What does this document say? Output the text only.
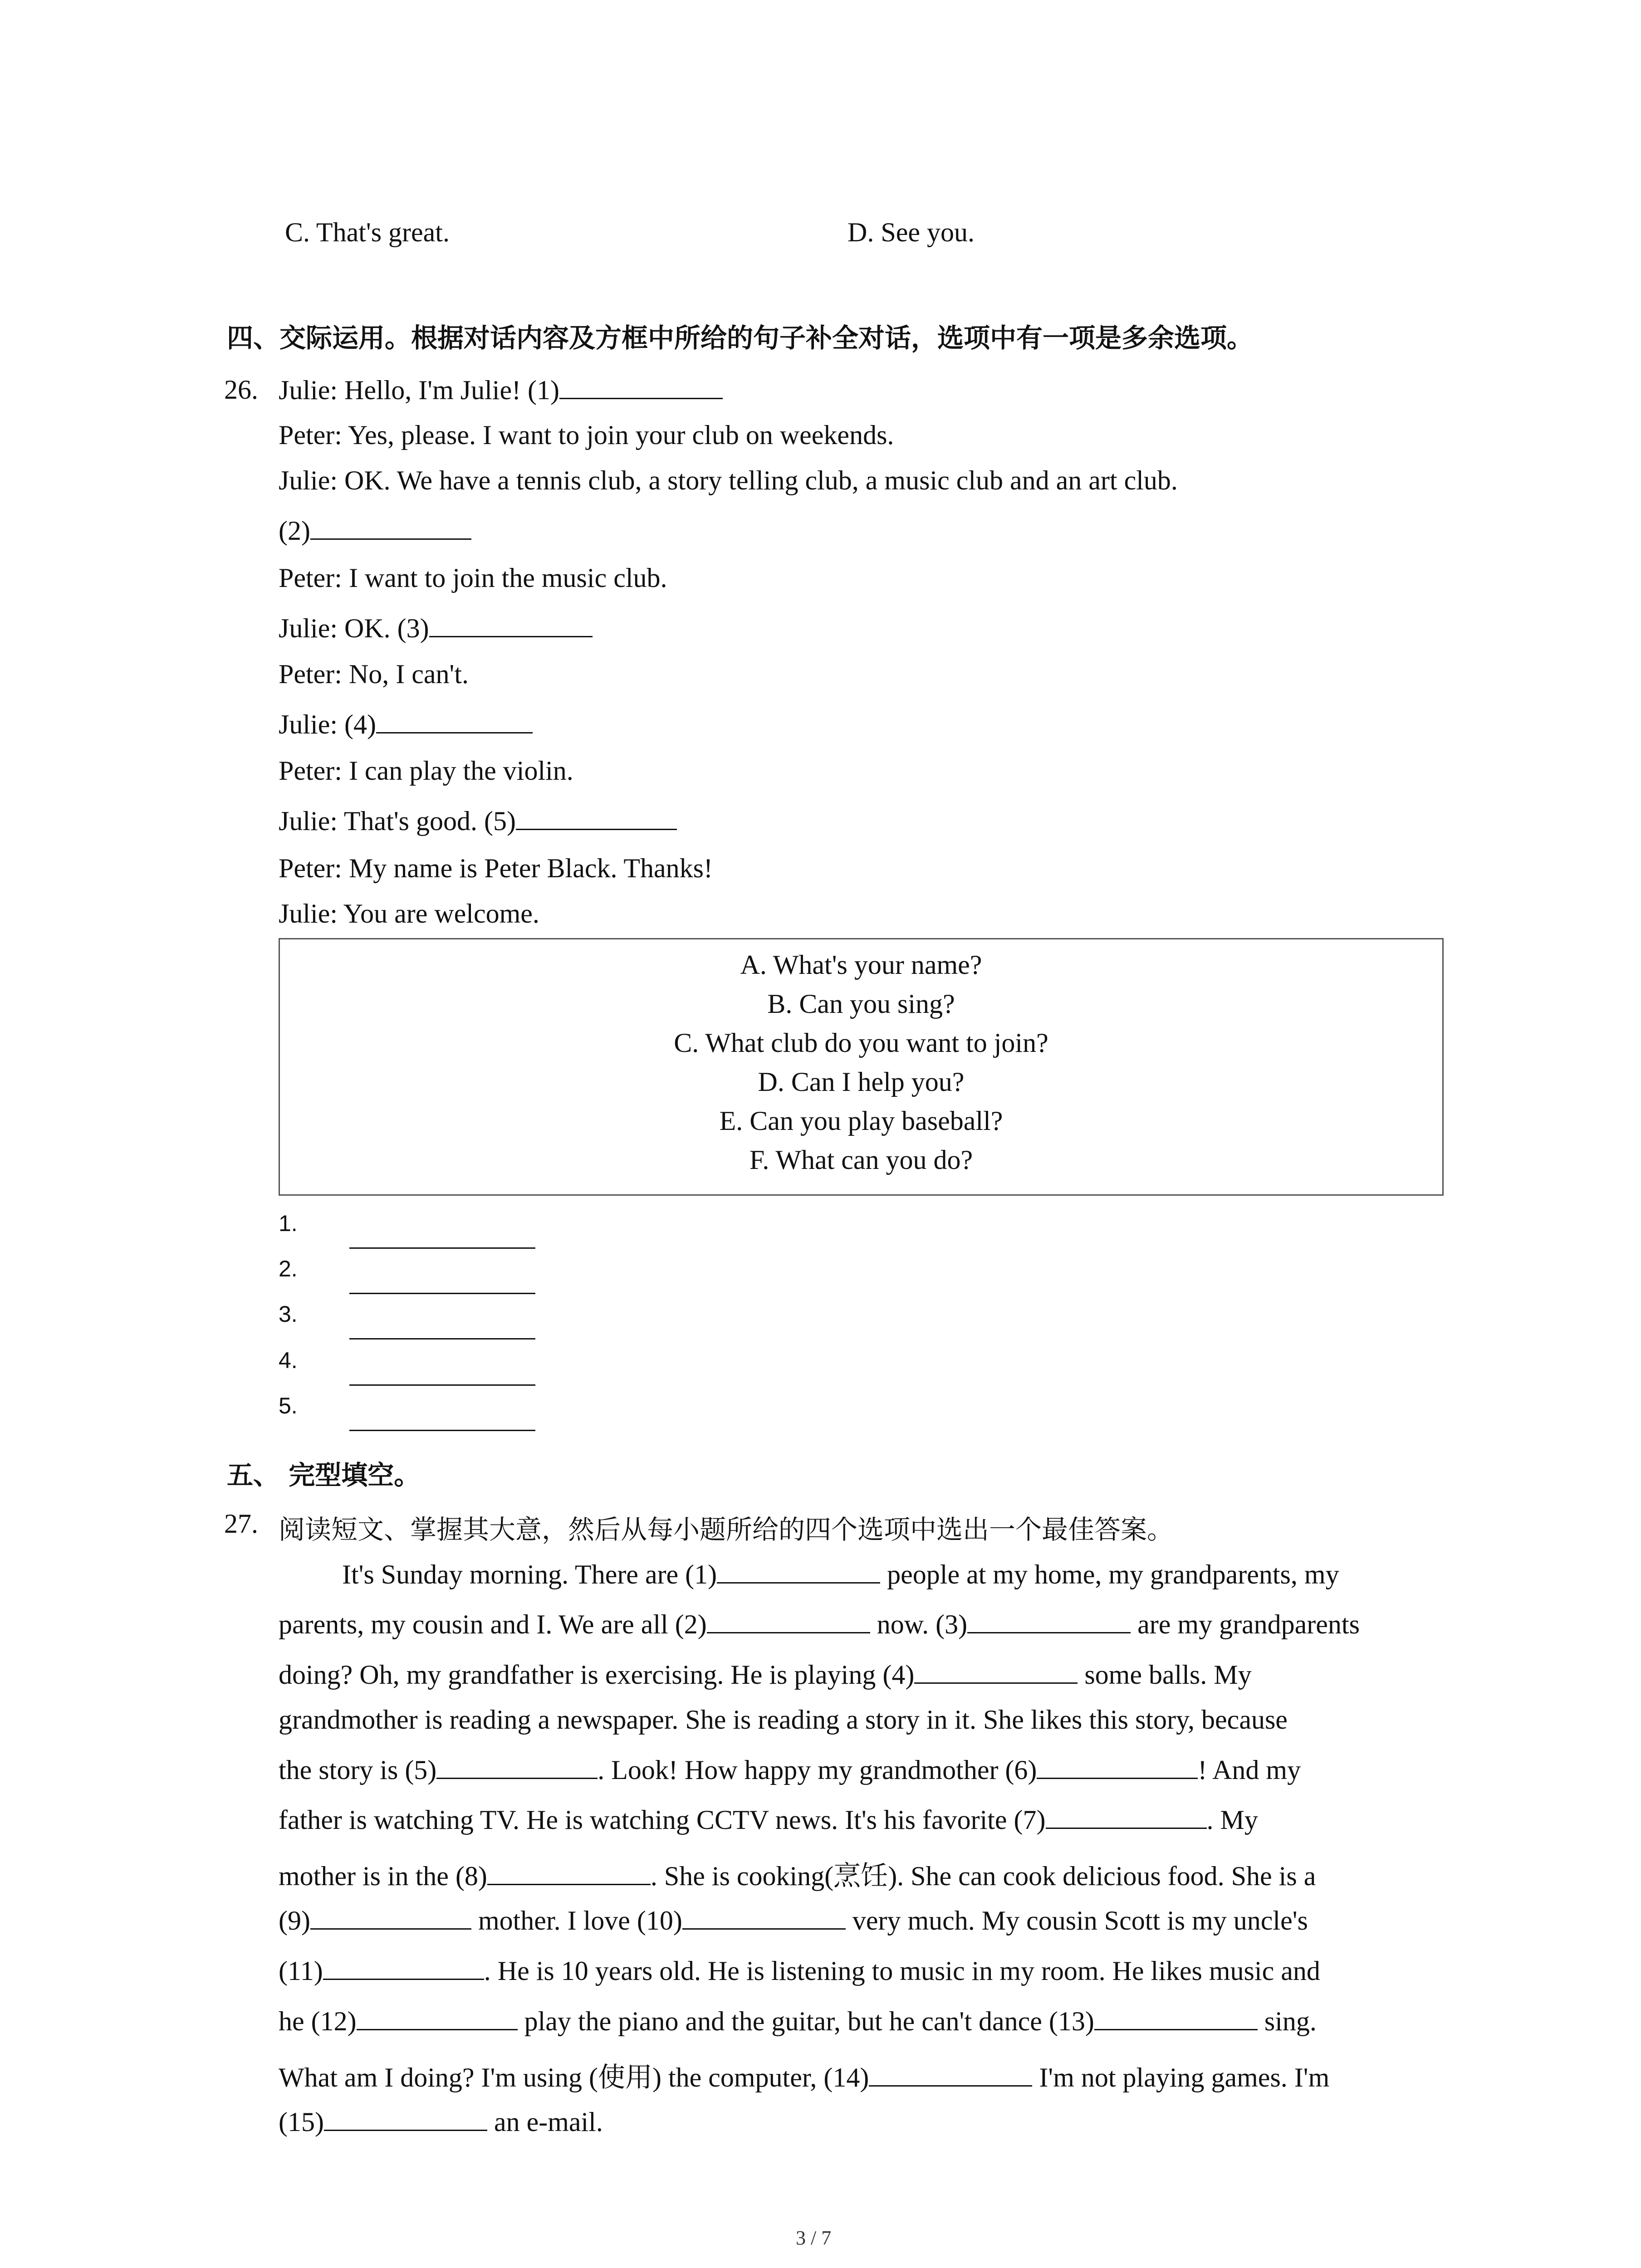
C. That's great.	D. See you.
四、交际运用。根据对话内容及方框中所给的句子补全对话，选项中有一项是多余选项。
26. Julie: Hello, I'm Julie! (1)
Peter: Yes, please. I want to join your club on weekends.
Julie: OK. We have a tennis club, a story telling club, a music club and an art club.
(2)
Peter: I want to join the music club.
Julie: OK. (3)
Peter: No, I can't.
Julie: (4)
Peter: I can play the violin.
Julie: That's good. (5)
Peter: My name is Peter Black. Thanks!
Julie: You are welcome.
A. What's your name?
B. Can you sing?
C. What club do you want to join?
D. Can I help you?
E. Can you play baseball?
F. What can you do?
1.
2.
3.
4.
5.
五、 完型填空。
27. 阅读短文、掌握其大意，然后从每小题所给的四个选项中选出一个最佳答案。
It's Sunday morning. There are (1)	people at my home, my grandparents, my
parents, my cousin and I. We are all (2)	now. (3)	are my grandparents
doing? Oh, my grandfather is exercising. He is playing (4)	some balls. My
grandmother is reading a newspaper. She is reading a story in it. She likes this story, because
the story is (5)	. Look! How happy my grandmother (6)	! And my
father is watching TV. He is watching CCTV news. It's his favorite (7)	. My
mother is in the (8)	. She is cooking(烹饪). She can cook delicious food. She is a
(9)	mother. I love (10)	very much. My cousin Scott is my uncle's
(11)	. He is 10 years old. He is listening to music in my room. He likes music and
he (12)	play the piano and the guitar, but he can't dance (13)	sing.
What am I doing? I'm using (使用) the computer, (14)	I'm not playing games. I'm
(15)	an e-mail.
3 / 7
